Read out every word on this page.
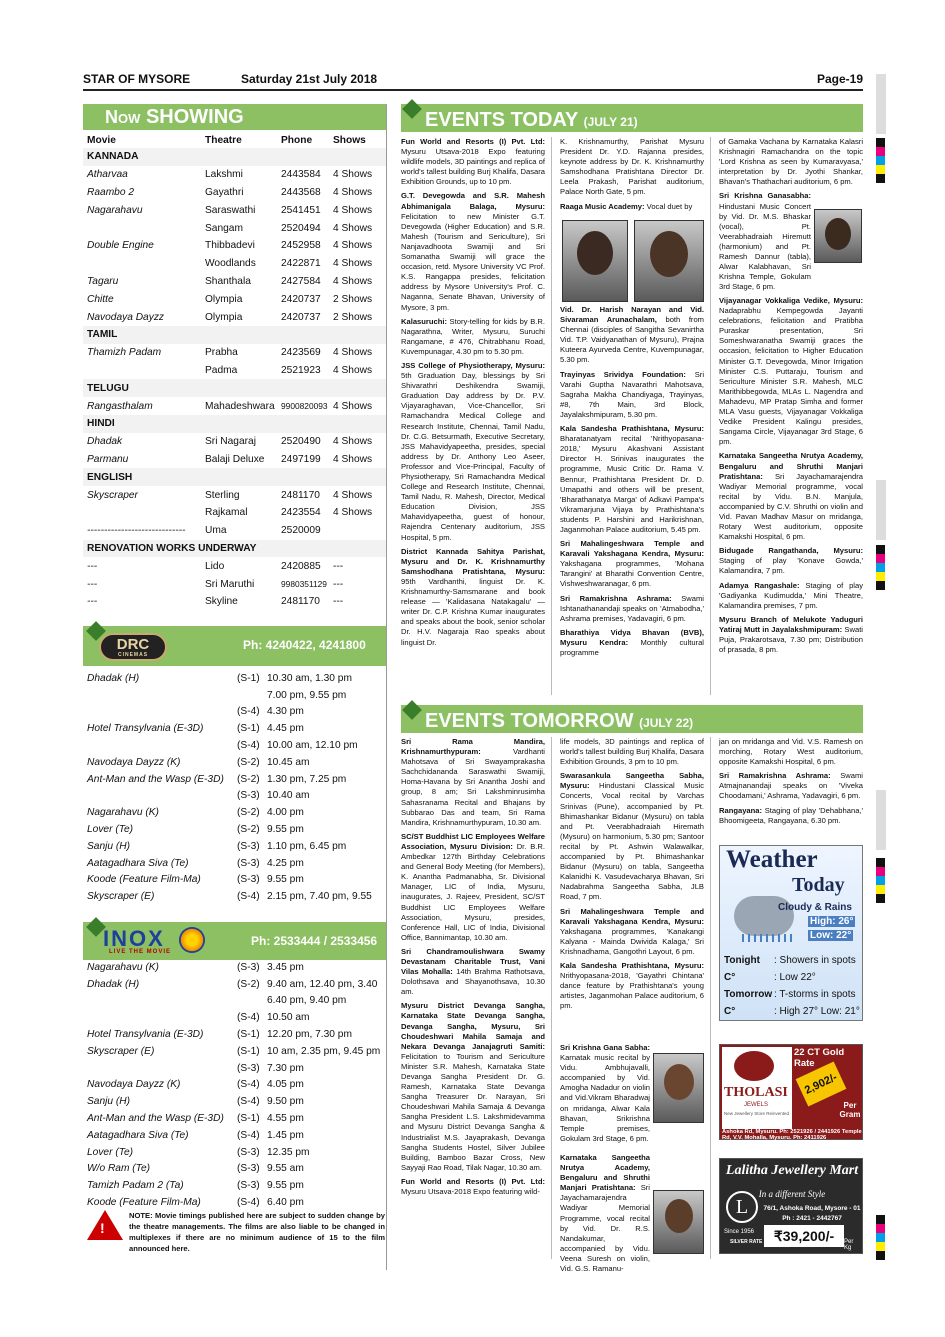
STAR OF MYSORE	Saturday 21st July 2018	Page-19
Now SHOWING
Movie	Theatre	Phone	Shows
KANNADA			
Atharvaa	Lakshmi	2443584	4 Shows
Raambo 2	Gayathri	2443568	4 Shows
Nagarahavu	Saraswathi	2541451	4 Shows
	Sangam	2520494	4 Shows
Double Engine	Thibbadevi	2452958	4 Shows
	Woodlands	2422871	4 Shows
Tagaru	Shanthala	2427584	4 Shows
Chitte	Olympia	2420737	2 Shows
Navodaya Dayzz	Olympia	2420737	2 Shows
TAMIL			
Thamizh Padam	Prabha	2423569	4 Shows
	Padma	2521923	4 Shows
TELUGU			
Rangasthalam	Mahadeshwara	9900820093	4 Shows
HINDI			
Dhadak	Sri Nagaraj	2520490	4 Shows
Parmanu	Balaji Deluxe	2497199	4 Shows
ENGLISH			
Skyscraper	Sterling	2481170	4 Shows
	Rajkamal	2423554	4 Shows
-----------------------------	Uma	2520009	
RENOVATION WORKS UNDERWAY			
---	Lido	2420885	---
---	Sri Maruthi	9980351129	---
---	Skyline	2481170	---
DRC
CINEMAS
Ph: 4240422, 4241800
Dhadak (H)	(S-1)	10.30 am, 1.30 pm
		7.00 pm, 9.55 pm
	(S-4)	4.30 pm
Hotel Transylvania (E-3D)	(S-1)	4.45 pm
	(S-4)	10.00 am, 12.10 pm
Navodaya Dayzz (K)	(S-2)	10.45 am
Ant-Man and the Wasp (E-3D)	(S-2)	1.30 pm, 7.25 pm
	(S-3)	10.40 am
Nagarahavu (K)	(S-2)	4.00 pm
Lover (Te)	(S-2)	9.55 pm
Sanju (H)	(S-3)	1.10 pm, 6.45 pm
Aatagadhara Siva (Te)	(S-3)	4.25 pm
Koode (Feature Film-Ma)	(S-3)	9.55 pm
Skyscraper (E)	(S-4)	2.15 pm, 7.40 pm, 9.55
INOX
LIVE THE MOVIE
Ph: 2533444 / 2533456
Nagarahavu (K)	(S-3)	3.45 pm
Dhadak (H)	(S-2)	9.40 am, 12.40 pm, 3.40
		6.40 pm, 9.40 pm
	(S-4)	10.50 am
Hotel Transylvania (E-3D)	(S-1)	12.20 pm, 7.30 pm
Skyscraper (E)	(S-1)	10 am, 2.35 pm, 9.45 pm
	(S-3)	7.30 pm
Navodaya Dayzz (K)	(S-4)	4.05 pm
Sanju (H)	(S-4)	9.50 pm
Ant-Man and the Wasp (E-3D)	(S-1)	4.55 pm
Aatagadhara Siva (Te)	(S-4)	1.45 pm
Lover (Te)	(S-3)	12.35 pm
W/o Ram (Te)	(S-3)	9.55 am
Tamizh Padam 2 (Ta)	(S-3)	9.55 pm
Koode (Feature Film-Ma)	(S-4)	6.40 pm
!
NOTE: Movie timings published here are subject to sudden change by the theatre managements. The films are also liable to be changed in multiplexes if there are no minimum audience of 15 to the film announced here.
EVENTS TODAY (JULY 21)

Fun World and Resorts (I) Pvt. Ltd: Mysuru Utsava-2018 Expo featuring wildlife models, 3D paintings and replica of world's tallest building Burj Khalifa, Dasara Exhibition Grounds, up to 10 pm.

G.T. Devegowda and S.R. Mahesh Abhimanigala Balaga, Mysuru: Felicitation to new Minister G.T. Devegowda (Higher Education) and S.R. Mahesh (Tourism and Sericulture), Sri Nanjavadhoota Swamiji and Sri Somanatha Swamiji will grace the occasion, retd. Mysore University VC Prof. K.S. Rangappa presides, felicitation address by Mysore University's Prof. C. Naganna, Senate Bhavan, University of Mysore, 3 pm.

Kalasuruchi: Story-telling for kids by B.R. Nagarathna, Writer, Mysuru, Suruchi Rangamane, # 476, Chitrabhanu Road, Kuvempunagar, 4.30 pm to 5.30 pm.

JSS College of Physiotherapy, Mysuru: 5th Graduation Day, blessings by Sri Shivarathri Deshikendra Swamiji, Graduation Day address by Dr. P.V. Vijayaraghavan, Vice-Chancellor, Sri Ramachandra Medical College and Research Institute, Chennai, Tamil Nadu, Dr. C.G. Betsurmath, Executive Secretary, JSS Mahavidyapeetha, presides, special address by Dr. Anthony Leo Aseer, Professor and Vice-Principal, Faculty of Physiotherapy, Sri Ramachandra Medical College and Research Institute, Chennai, Tamil Nadu, R. Mahesh, Director, Medical Education Division, JSS Mahavidyapeetha, guest of honour, Rajendra Centenary auditorium, JSS Hospital, 5 pm.

District Kannada Sahitya Parishat, Mysuru and Dr. K. Krishnamurthy Samshodhana Pratishtana, Mysuru: 95th Vardhanthi, linguist Dr. K. Krishnamurthy-Samsmarane and book release — 'Kalidasana Natakagalu' — writer Dr. C.P. Krishna Kumar inaugurates and speaks about the book, senior scholar Dr. H.V. Nagaraja Rao speaks about linguist Dr.

K. Krishnamurthy, Parishat Mysuru President Dr. Y.D. Rajanna presides, keynote address by Dr. K. Krishnamurthy Samshodhana Pratishtana Director Dr. Leela Prakash, Parishat auditorium, Palace North Gate, 5 pm.

Raaga Music Academy: Vocal duet by

Vid. Dr. Harish Narayan and Vid. Sivaraman Arunachalam, both from Chennai (disciples of Sangitha Sevanirtha Vid. T.P. Vaidyanathan of Mysuru), Prajna Kuteera Ayurveda Centre, Kuvempunagar, 5.30 pm.

Trayinyas Srividya Foundation: Sri Varahi Guptha Navarathri Mahotsava, Sagraha Makha Chandiyaga, Trayinyas, #8, 7th Main, 3rd Block, Jayalakshmipuram, 5.30 pm.

Kala Sandesha Prathishtana, Mysuru: Bharatanatyam recital 'Nrithyopasana-2018,' Mysuru Akashvani Assistant Director H. Srinivas inaugurates the programme, Music Critic Dr. Rama V. Bennur, Prathishtana President Dr. D. Umapathi and others will be present, 'Bharathanatya Marga' of Adkavi Pampa's Vikramarjuna Vijaya by Prathishtana's students P. Harshini and Harikrishnan, Jaganmohan Palace auditorium, 5.45 pm.

Sri Mahalingeshwara Temple and Karavali Yakshagana Kendra, Mysuru: Yakshagana programmes, 'Mohana Tarangini' at Bharathi Convention Centre, Vishweshwaranagar, 6 pm.

Sri Ramakrishna Ashrama: Swami Ishtanathanandaji speaks on 'Atmabodha,' Ashrama premises, Yadavagiri, 6 pm.

Bharathiya Vidya Bhavan (BVB), Mysuru Kendra: Monthly cultural programme

of Gamaka Vachana by Karnataka Kalasri Krishnagiri Ramachandra on the topic 'Lord Krishna as seen by Kumaravyasa,' interpretation by Dr. Jyothi Shankar, Bhavan's Thathachari auditorium, 6 pm.

Sri Krishna Ganasabha: Hindustani Music Concert by Vid. Dr. M.S. Bhaskar (vocal), Pt. Veerabhadraiah Hiremutt (harmonium) and Pt. Ramesh Dannur (tabla), Alwar Kalabhavan, Sri Krishna Temple, Gokulam 3rd Stage, 6 pm.

Vijayanagar Vokkaliga Vedike, Mysuru: Nadaprabhu Kempegowda Jayanti celebrations, felicitation and Pratibha Puraskar presentation, Sri Someshwaranatha Swamiji graces the occasion, felicitation to Higher Education Minister G.T. Devegowda, Minor Irrigation Minister C.S. Puttaraju, Tourism and Sericulture Minister S.R. Mahesh, MLC Marithibbegowda, MLAs L. Nagendra and Mahadevu, MP Pratap Simha and former MLA Vasu guests, Vijayanagar Vokkaliga Vedike President Kalingu presides, Sangama Circle, Vijayanagar 3rd Stage, 6 pm.

Karnataka Sangeetha Nrutya Academy, Bengaluru and Shruthi Manjari Pratishtana: Sri Jayachamarajendra Wadiyar Memorial programme, vocal recital by Vidu. B.N. Manjula, accompanied by C.V. Shruthi on violin and Vid. Pavan Madhav Masur on mridanga, Rotary West auditorium, opposite Kamakshi Hospital, 6 pm.

Bidugade Rangathanda, Mysuru: Staging of play 'Konave Gowda,' Kalamandira, 7 pm.

Adamya Rangashale: Staging of play 'Gadiyanka Kudimudda,' Mini Theatre, Kalamandira premises, 7 pm.

Mysuru Branch of Melukote Yaduguri Yatiraj Mutt in Jayalakshmipuram: Swati Puja, Prakarotsava, 7.30 pm; Distribution of prasada, 8 pm.

EVENTS TOMORROW (JULY 22)

Sri Rama Mandira, Krishnamurthypuram: Vardhanti Mahotsava of Sri Swayamprakasha Sachchidananda Saraswathi Swamiji, Homa-Havana by Sri Anantha Joshi and group, 8 am; Sri Lakshminrusimha Sahasranama Recital and Bhajans by Subbarao Das and team, Sri Rama Mandira, Krishnamurthypuram, 10.30 am.

SC/ST Buddhist LIC Employees Welfare Association, Mysuru Division: Dr. B.R. Ambedkar 127th Birthday Celebrations and General Body Meeting (for Members), K. Anantha Padmanabha, Sr. Divisional Manager, LIC of India, Mysuru, inaugurates, J. Rajeev, President, SC/ST Buddhist LIC Employees Welfare Association, Mysuru, presides, Conference Hall, LIC of India, Divisional Office, Bannimantap, 10.30 am.

Sri Chandramoulishwara Swamy Devastanam Charitable Trust, Vani Vilas Mohalla: 14th Brahma Rathotsava, Dolothsava and Shayanothsava, 10.30 am.

Mysuru District Devanga Sangha, Karnataka State Devanga Sangha, Devanga Sangha, Mysuru, Sri Choudeshwari Mahila Samaja and Nekara Devanga Janajagruti Samiti: Felicitation to Tourism and Sericulture Minister S.R. Mahesh, Karnataka State Devanga Sangha President Dr. G. Ramesh, Karnataka State Devanga Sangha Treasurer Dr. Narayan, Sri Choudeshwari Mahila Samaja & Devanga Sangha President L.S. Lakshmidevamma and Mysuru District Devanga Sangha & Industrialist M.S. Jayaprakash, Devanga Sangha Students Hostel, Silver Jubilee Building, Bamboo Bazar Cross, New Sayyaji Rao Road, Tilak Nagar, 10.30 am.

Fun World and Resorts (I) Pvt. Ltd: Mysuru Utsava-2018 Expo featuring wild-

life models, 3D paintings and replica of world's tallest building Burj Khalifa, Dasara Exhibition Grounds, 3 pm to 10 pm.

Swarasankula Sangeetha Sabha, Mysuru: Hindustani Classical Music Concerts, Vocal recital by Varchas Srinivas (Pune), accompanied by Pt. Bhimashankar Bidanur (Mysuru) on tabla and Pt. Veerabhadraiah Hiremath (Mysuru) on harmonium, 5.30 pm; Santoor recital by Pt. Ashwin Walawalkar, accompanied by Pt. Bhimashankar Bidanur (Mysuru) on tabla, Sangeetha Kalanidhi K. Vasudevacharya Bhavan, Sri Nadabrahma Sangeetha Sabha, JLB Road, 7 pm.

Sri Mahalingeshwara Temple and Karavali Yakshagana Kendra, Mysuru: Yakshagana programmes, 'Kanakangi Kalyana - Mainda Dwivida Kalaga,' Sri Krishnadhama, Gangothri Layout, 6 pm.

Kala Sandesha Prathishtana, Mysuru: Nrithyopasana-2018, 'Gayathri Chintana' dance feature by Prathishtana's young artistes, Jaganmohan Palace auditorium, 6 pm.

Sri Krishna Gana Sabha: Karnatak music recital by Vidu. Ambhujavalli, accompanied by Vid. Amogha Nadadur on violin and Vid.Vikram Bharadwaj on mridanga, Alwar Kala Bhavan, Srikrishna Temple premises, Gokulam 3rd Stage, 6 pm.

Karnataka Sangeetha Nrutya Academy, Bengaluru and Shruthi Manjari Pratishtana: Sri Jayachamarajendra Wadiyar Memorial Programme, vocal recital by Vid. Dr. R.S. Nandakumar, accompanied by Vidu. Veena Suresh on violin, Vid. G.S. Ramanu-

jan on mridanga and Vid. V.S. Ramesh on morching, Rotary West auditorium, opposite Kamakshi Hospital, 6 pm.

Sri Ramakrishna Ashrama: Swami Atmajnanandaji speaks on 'Viveka Choodamani,' Ashrama, Yadavagiri, 6 pm.

Rangayana: Staging of play 'Dehabhana,' Bhoomigeeta, Rangayana, 6.30 pm.

Weather
Today
Cloudy & Rains
High: 26°
Low: 22°
Tonight	: Showers in spots
C°	: Low 22°
Tomorrow : T-storms in spots
C°	: High 27° Low: 21°
THOLASI
JEWELS
New Jewellery Store Reinvented
22 CT Gold Rate
2,902/-
Per Gram
Ashoka Rd, Mysuru. Ph: 2521926 / 2441926 Temple Rd, V.V. Mohalla, Mysuru. Ph: 2411926
Lalitha Jewellery Mart
In a different Style
L	76/1, Ashoka Road, Mysore - 01
Ph : 2421 - 2442767
Since 1956
SILVER RATE ₹39,200/-	Per Kg
